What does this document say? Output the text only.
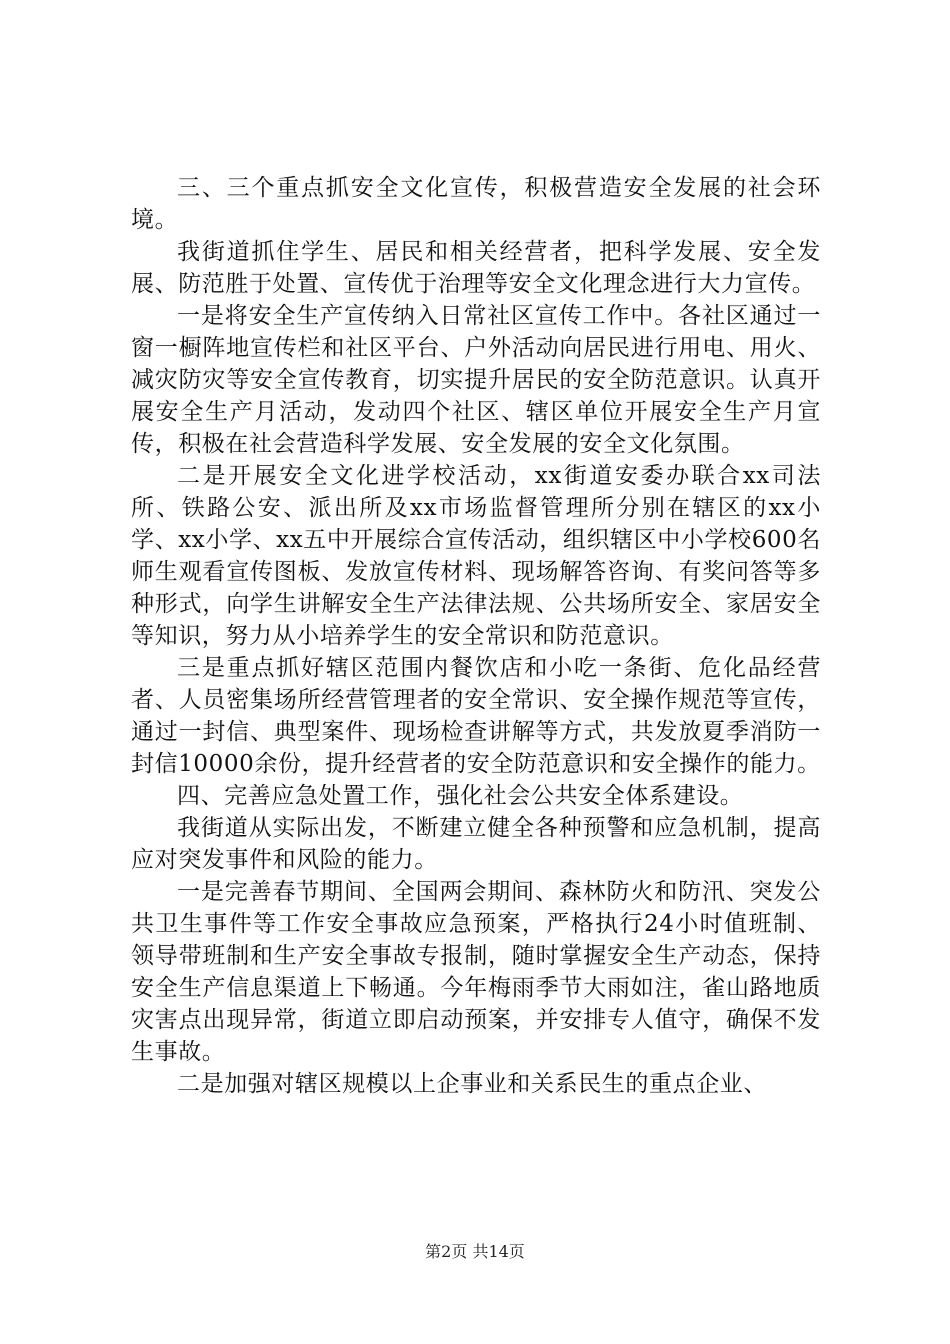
三、三个重点抓安全文化宣传，积极营造安全发展的社会环境。

我街道抓住学生、居民和相关经营者，把科学发展、安全发展、防范胜于处置、宣传优于治理等安全文化理念进行大力宣传。

一是将安全生产宣传纳入日常社区宣传工作中。各社区通过一窗一橱阵地宣传栏和社区平台、户外活动向居民进行用电、用火、减灾防灾等安全宣传教育，切实提升居民的安全防范意识。认真开展安全生产月活动，发动四个社区、辖区单位开展安全生产月宣传，积极在社会营造科学发展、安全发展的安全文化氛围。

二是开展安全文化进学校活动，xx街道安委办联合xx司法所、铁路公安、派出所及xx市场监督管理所分别在辖区的xx小学、xx小学、xx五中开展综合宣传活动，组织辖区中小学校600名师生观看宣传图板、发放宣传材料、现场解答咨询、有奖问答等多种形式，向学生讲解安全生产法律法规、公共场所安全、家居安全等知识，努力从小培养学生的安全常识和防范意识。

三是重点抓好辖区范围内餐饮店和小吃一条街、危化品经营者、人员密集场所经营管理者的安全常识、安全操作规范等宣传，通过一封信、典型案件、现场检查讲解等方式，共发放夏季消防一封信10000余份，提升经营者的安全防范意识和安全操作的能力。

四、完善应急处置工作，强化社会公共安全体系建设。

我街道从实际出发，不断建立健全各种预警和应急机制，提高应对突发事件和风险的能力。

一是完善春节期间、全国两会期间、森林防火和防汛、突发公共卫生事件等工作安全事故应急预案，严格执行24小时值班制、领导带班制和生产安全事故专报制，随时掌握安全生产动态，保持安全生产信息渠道上下畅通。今年梅雨季节大雨如注，雀山路地质灾害点出现异常，街道立即启动预案，并安排专人值守，确保不发生事故。

二是加强对辖区规模以上企事业和关系民生的重点企业、

第2页 共14页
